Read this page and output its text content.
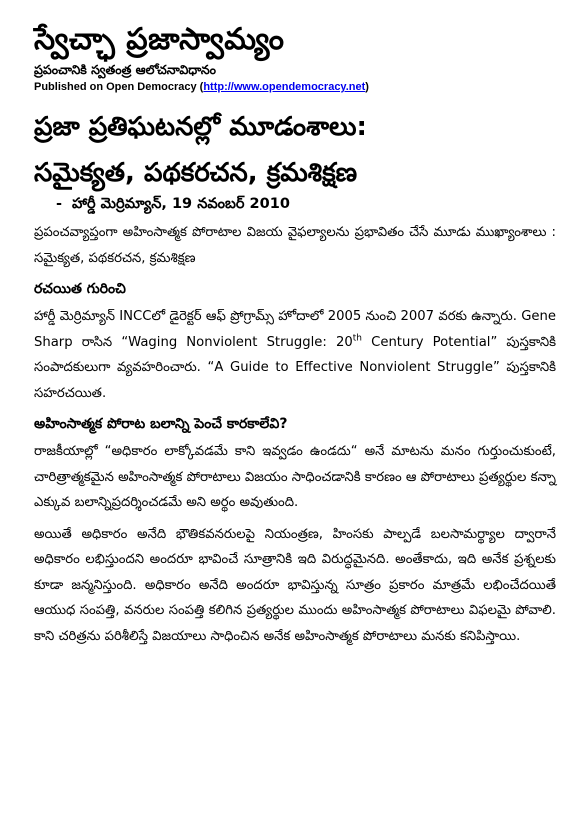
స్వేచ్ఛా ప్రజాస్వామ్యం
ప్రపంచానికి స్వతంత్ర ఆలోచనావిధానం
Published on Open Democracy (http://www.opendemocracy.net)
ప్రజా ప్రతిఘటనల్లో మూడంశాలు:
సమైక్యత, పథకరచన, క్రమశిక్షణ
- హార్డీ మెర్రిమ్యాన్, 19 నవంబర్ 2010

ప్రపంచవ్యాప్తంగా అహింసాత్మక పోరాటాల విజయ వైఫల్యాలను ప్రభావితం చేసే మూడు ముఖ్యాంశాలు : సమైక్యత, పథకరచన, క్రమశిక్షణ

రచయిత గురించి

హార్డీ మెర్రిమ్యాన్ INCCలో డైరెక్టర్ ఆఫ్ ప్రోగ్రామ్స్ హోదాలో 2005 నుంచి 2007 వరకు ఉన్నారు. Gene Sharp రాసిన “Waging Nonviolent Struggle: 20th Century Potential” పుస్తకానికి సంపాదకులుగా వ్యవహరించారు. “A Guide to Effective Nonviolent Struggle” పుస్తకానికి సహరచయిత.

అహింసాత్మక పోరాట బలాన్ని పెంచే కారకాలేవి?

రాజకీయాల్లో “అధికారం లాక్కోవడమే కాని ఇవ్వడం ఉండదు“ అనే మాటను మనం గుర్తుంచుకుంటే, చారిత్రాత్మకమైన అహింసాత్మక పోరాటాలు విజయం సాధించడానికి కారణం ఆ పోరాటాలు ప్రత్యర్థుల కన్నా ఎక్కువ బలాన్నిప్రదర్శించడమే అని అర్థం అవుతుంది.

అయితే అధికారం అనేది భౌతికవనరులపై నియంత్రణ, హింసకు పాల్పడే బలసామర్థ్యాల ద్వారానే అధికారం లభిస్తుందని అందరూ భావించే సూత్రానికి ఇది విరుద్ధమైనది. అంతేకాదు, ఇది అనేక ప్రశ్నలకు కూడా జన్మనిస్తుంది. అధికారం అనేది అందరూ భావిస్తున్న సూత్రం ప్రకారం మాత్రమే లభించేదయితే ఆయుధ సంపత్తి, వనరుల సంపత్తి కలిగిన ప్రత్యర్థుల ముందు అహింసాత్మక పోరాటాలు విఫలమై పోవాలి. కాని చరిత్రను పరిశీలిస్తే విజయాలు సాధించిన అనేక అహింసాత్మక పోరాటాలు మనకు కనిపిస్తాయి.
